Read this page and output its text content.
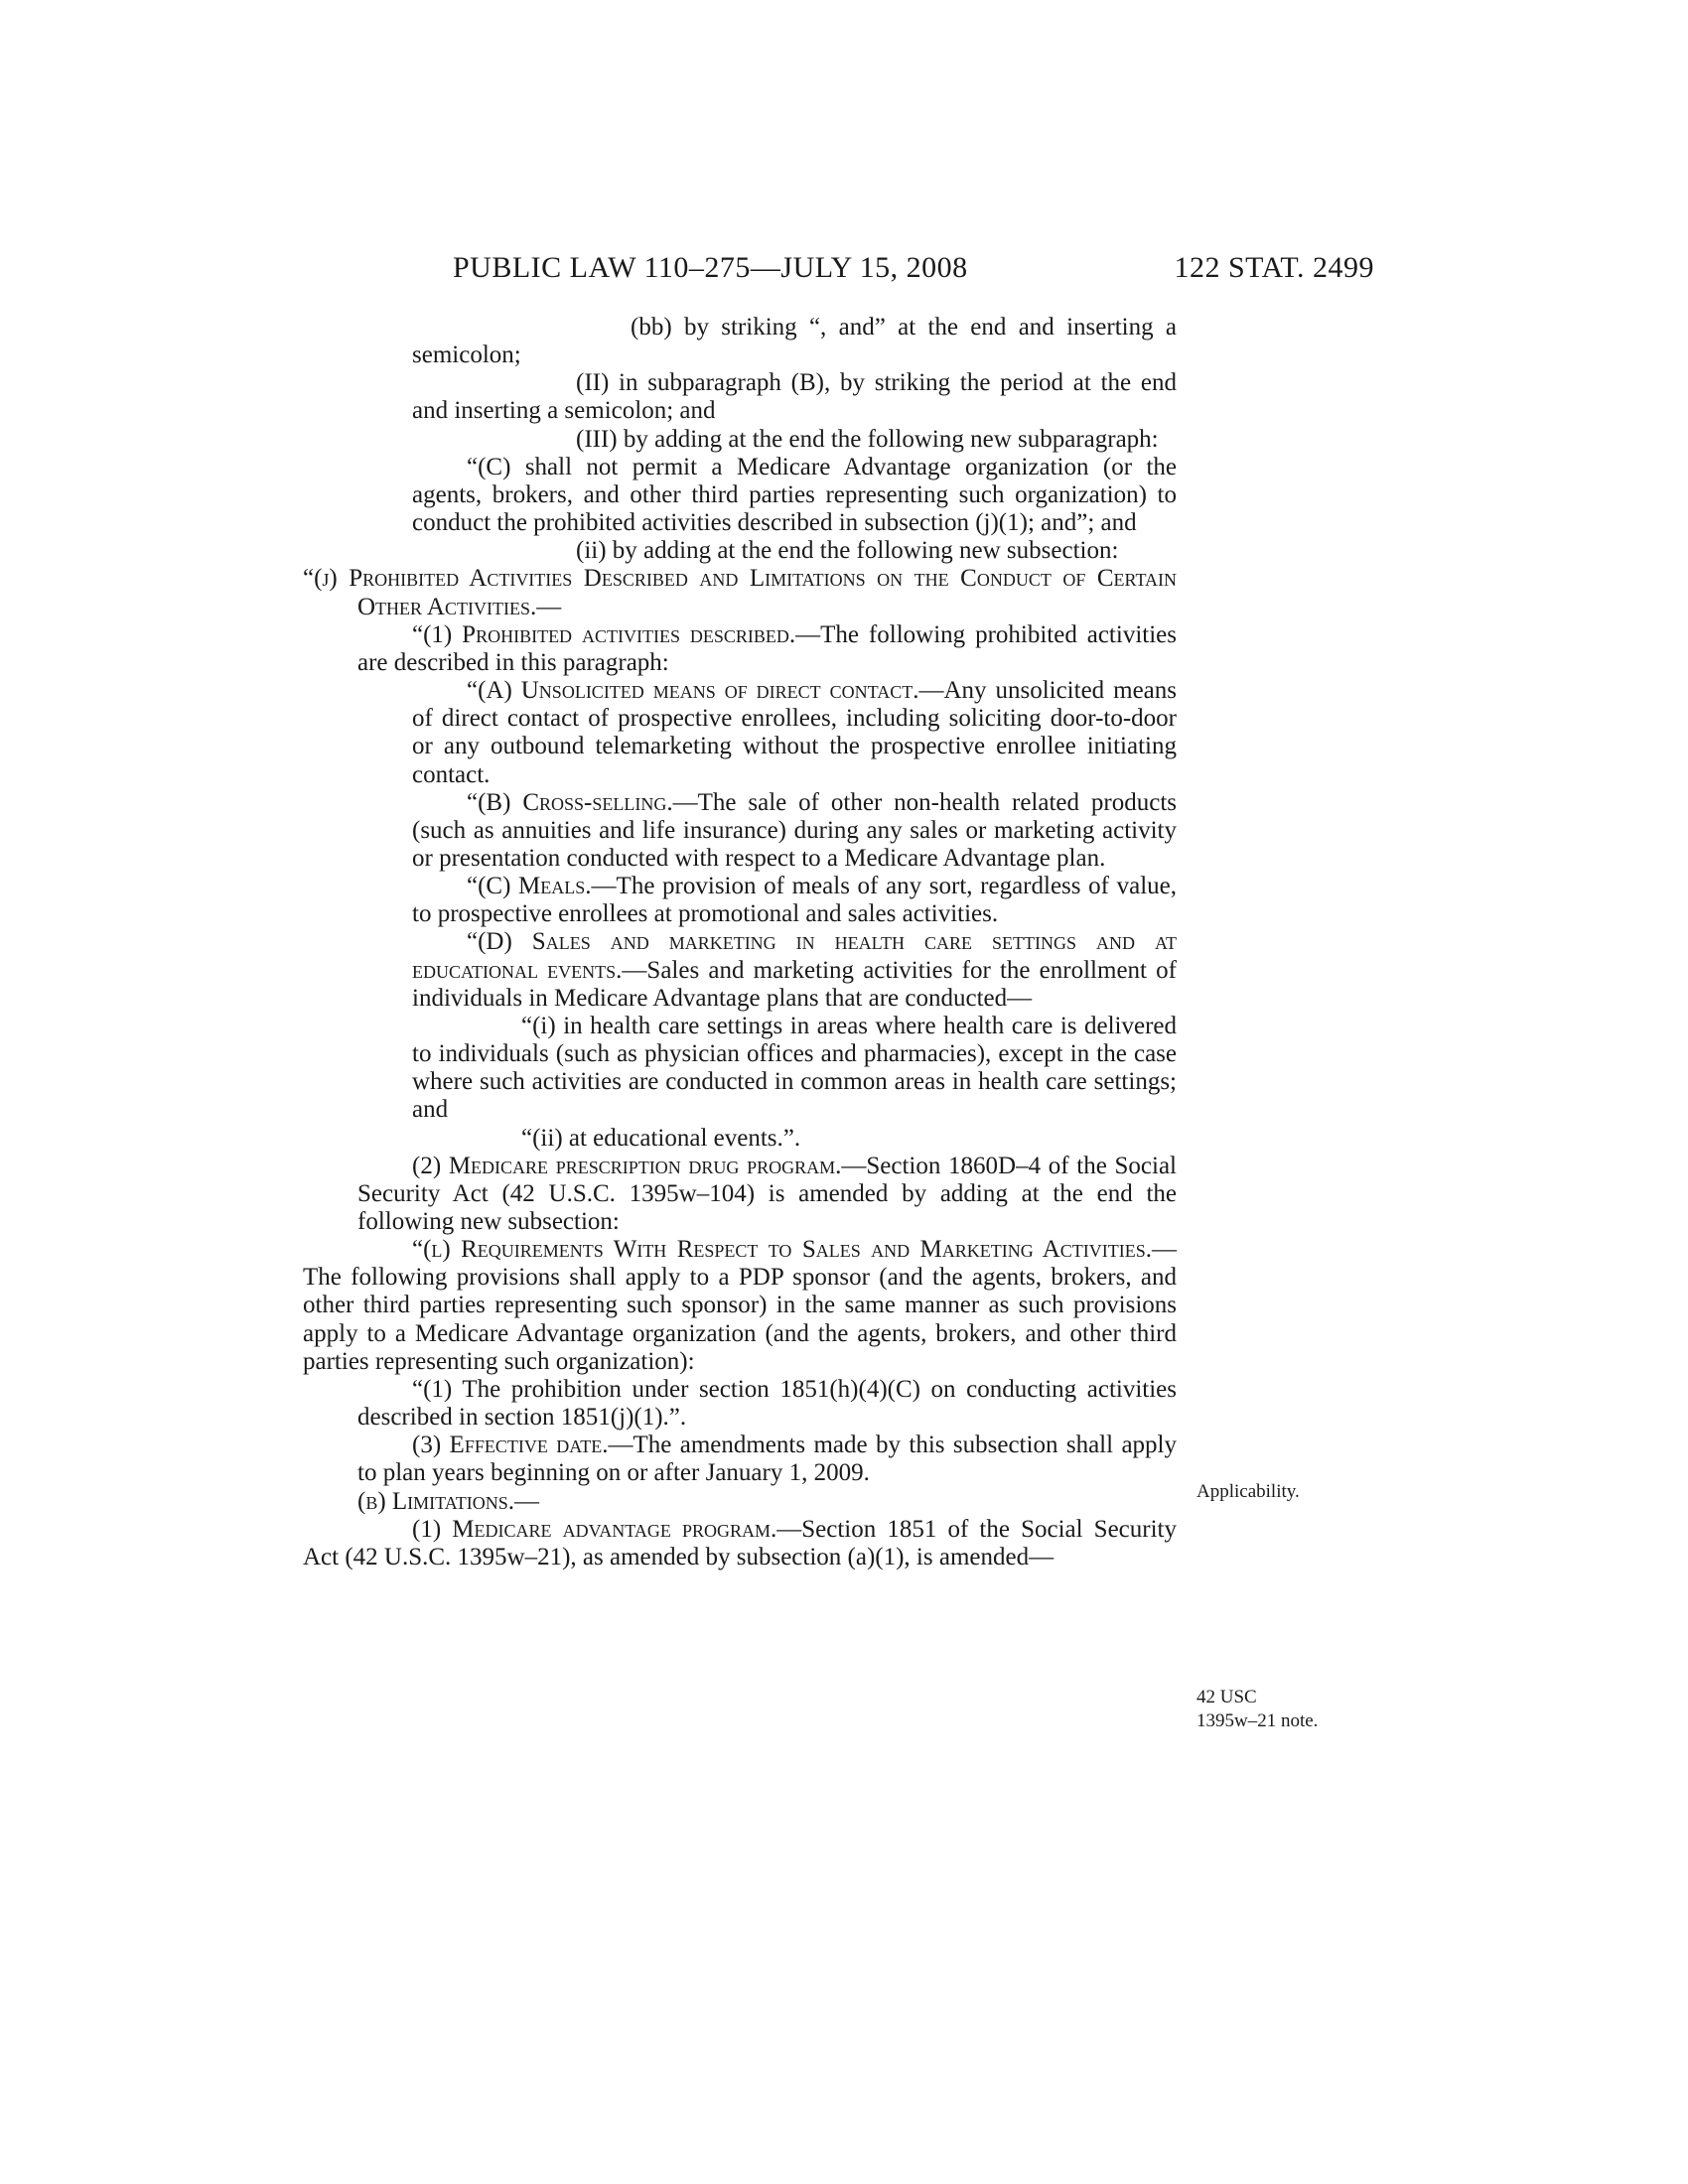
PUBLIC LAW 110–275—JULY 15, 2008	122 STAT. 2499

(bb) by striking “, and” at the end and inserting a semicolon;

(II) in subparagraph (B), by striking the period at the end and inserting a semicolon; and

(III) by adding at the end the following new subparagraph:

“(C) shall not permit a Medicare Advantage organization (or the agents, brokers, and other third parties representing such organization) to conduct the prohibited activities described in subsection (j)(1); and”; and

(ii) by adding at the end the following new subsection:

“(j) Prohibited Activities Described and Limitations on the Conduct of Certain Other Activities.—

“(1) Prohibited activities described.—The following prohibited activities are described in this paragraph:

“(A) Unsolicited means of direct contact.—Any unsolicited means of direct contact of prospective enrollees, including soliciting door-to-door or any outbound telemarketing without the prospective enrollee initiating contact.

“(B) Cross-selling.—The sale of other non-health related products (such as annuities and life insurance) during any sales or marketing activity or presentation conducted with respect to a Medicare Advantage plan.

“(C) Meals.—The provision of meals of any sort, regardless of value, to prospective enrollees at promotional and sales activities.

“(D) Sales and marketing in health care settings and at educational events.—Sales and marketing activities for the enrollment of individuals in Medicare Advantage plans that are conducted—

“(i) in health care settings in areas where health care is delivered to individuals (such as physician offices and pharmacies), except in the case where such activities are conducted in common areas in health care settings; and

“(ii) at educational events.”.

(2) Medicare prescription drug program.—Section 1860D–4 of the Social Security Act (42 U.S.C. 1395w–104) is amended by adding at the end the following new subsection:

“(l) Requirements With Respect to Sales and Marketing Activities.—The following provisions shall apply to a PDP sponsor (and the agents, brokers, and other third parties representing such sponsor) in the same manner as such provisions apply to a Medicare Advantage organization (and the agents, brokers, and other third parties representing such organization):

“(1) The prohibition under section 1851(h)(4)(C) on conducting activities described in section 1851(j)(1).”.

(3) Effective date.—The amendments made by this subsection shall apply to plan years beginning on or after January 1, 2009.

(b) Limitations.—

(1) Medicare advantage program.—Section 1851 of the Social Security Act (42 U.S.C. 1395w–21), as amended by subsection (a)(1), is amended—

Applicability.
42 USC
1395w–21 note.
